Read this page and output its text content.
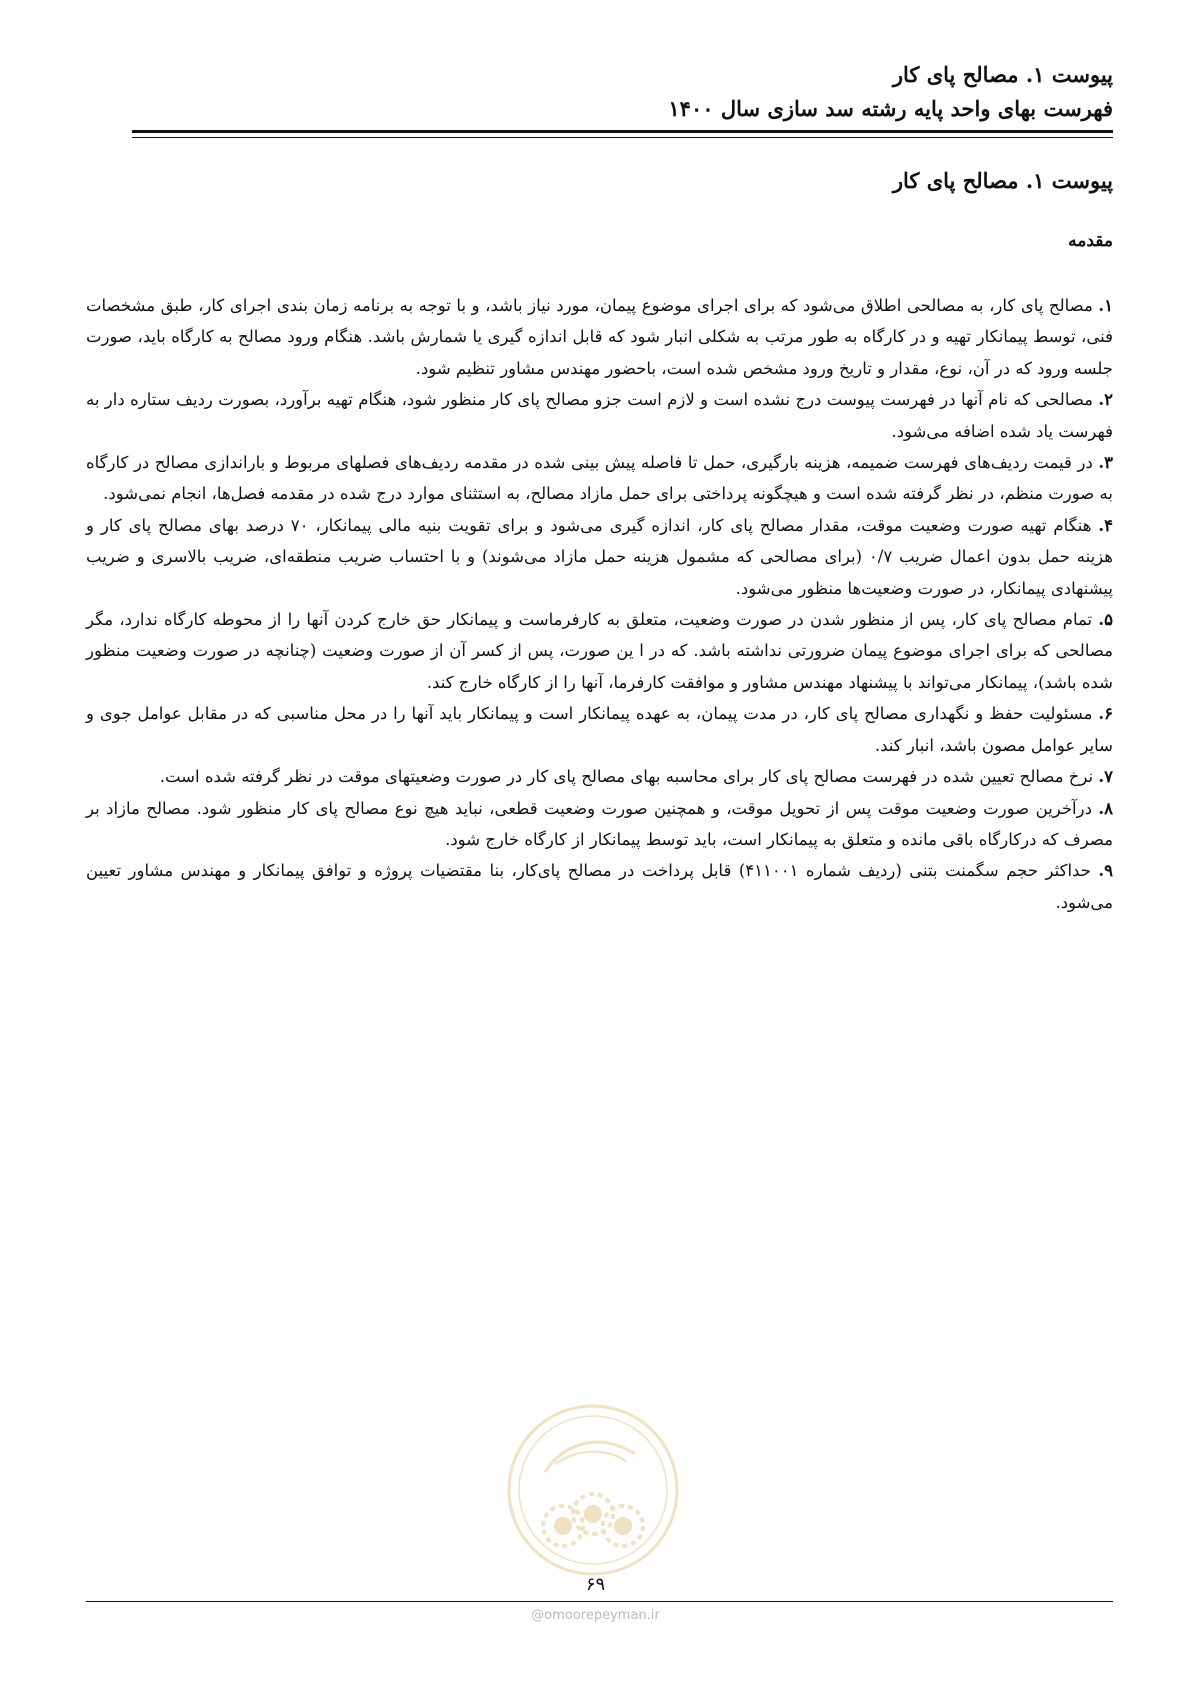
پیوست ۱. مصالح پای کار
فهرست بهای واحد پایه رشته سد سازی سال ۱۴۰۰
پیوست ۱. مصالح پای کار
مقدمه

۱. مصالح پای کار، به مصالحی اطلاق می‌شود که برای اجرای موضوع پیمان، مورد نیاز باشد، و با توجه به برنامه زمان بندی اجرای کار، طبق مشخصات فنی، توسط پیمانکار تهیه و در کارگاه به طور مرتب به شکلی انبار شود که قابل اندازه گیری یا شمارش باشد. هنگام ورود مصالح به کارگاه باید، صورت جلسه ورود که در آن، نوع، مقدار و تاریخ ورود مشخص شده است، باحضور مهندس مشاور تنظیم شود.

۲. مصالحی که نام آنها در فهرست پیوست درج نشده است و لازم است جزو مصالح پای کار منظور شود، هنگام تهیه برآورد، بصورت ردیف ستاره دار به فهرست یاد شده اضافه می‌شود.

۳. در قیمت ردیف‌های فهرست ضمیمه، هزینه بارگیری، حمل تا فاصله پیش بینی شده در مقدمه ردیف‌های فصلهای مربوط و باراندازی مصالح در کارگاه به صورت منظم، در نظر گرفته شده است و هیچگونه پرداختی برای حمل مازاد مصالح، به استثنای موارد درج شده در مقدمه فصل‌ها، انجام نمی‌شود.

۴. هنگام تهیه صورت وضعیت موقت، مقدار مصالح پای کار، اندازه گیری می‌شود و برای تقویت بنیه مالی پیمانکار، ۷۰ درصد بهای مصالح پای کار و هزینه حمل بدون اعمال ضریب ۰/۷ (برای مصالحی که مشمول هزینه حمل مازاد می‌شوند) و با احتساب ضریب منطقه‌ای، ضریب بالاسری و ضریب پیشنهادی پیمانکار، در صورت وضعیت‌ها منظور می‌شود.

۵. تمام مصالح پای کار، پس از منظور شدن در صورت وضعیت، متعلق به کارفرماست و پیمانکار حق خارج کردن آنها را از محوطه کارگاه ندارد، مگر مصالحی که برای اجرای موضوع پیمان ضرورتی نداشته باشد. که در ا ین صورت، پس از کسر آن از صورت وضعیت (چنانچه در صورت وضعیت منظور شده باشد)، پیمانکار می‌تواند با پیشنهاد مهندس مشاور و موافقت کارفرما، آنها را از کارگاه خارج کند.

۶. مسئولیت حفظ و نگهداری مصالح پای کار، در مدت پیمان، به عهده پیمانکار است و پیمانکار باید آنها را در محل مناسبی که در مقابل عوامل جوی و سایر عوامل مصون باشد، انبار کند.

۷. نرخ مصالح تعیین شده در فهرست مصالح پای کار برای محاسبه بهای مصالح پای کار در صورت وضعیتهای موقت در نظر گرفته شده است.

۸. درآخرین صورت وضعیت موقت پس از تحویل موقت، و همچنین صورت وضعیت قطعی، نباید هیچ نوع مصالح پای کار منظور شود. مصالح مازاد بر مصرف که درکارگاه باقی مانده و متعلق به پیمانکار است، باید توسط پیمانکار از کارگاه خارج شود.

۹. حداکثر حجم سگمنت بتنی (ردیف شماره ۴۱۱۰۰۱) قابل پرداخت در مصالح پای‌کار، بنا مقتضیات پروژه و توافق پیمانکار و مهندس مشاور تعیین می‌شود.

۶۹
@omoorepeyman.ir
